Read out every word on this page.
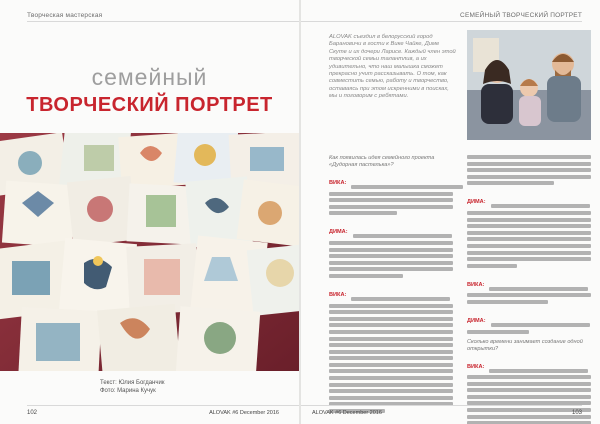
Творческая мастерская
семейный
ТВОРЧЕСКИЙ ПОРТРЕТ
Текст: Юлия Богданчик
Фото: Марина Кучук
102	ALOVAK #6 December 2016
СЕМЕЙНЫЙ ТВОРЧЕСКИЙ ПОРТРЕТ
ALOVAK съездил в белорусский город Барановичи в гости к Вике Чайке, Диме Скуте и их дочери Ларисе. Каждый член этой творческой семьи талантлив, а их удивительно, что наш малышка сможет прекрасно учит рассказывать. О том, как совместить семью, работу и творчество, оставаясь при этом искренними в поисках, мы и поговорим с ребятами.
Как появилась идея семейного проекта «Дудорная пастелька»?
ВИКА:
ДИМА:
ВИКА:
ДИМА:
ВИКА:
ДИМА:
Сколько времени занимает создание одной открытки?
ВИКА:
ALOVAK #6 December 2016	103
